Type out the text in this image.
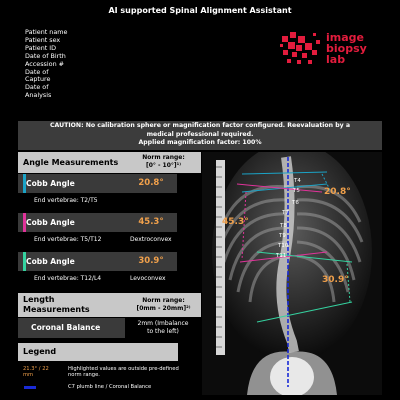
AI supported Spinal Alignment Assistant
Patient name
Patient sex
Patient ID
Date of Birth
Accession #
Date of
Capture
Date of
Analysis
image
biopsy
lab
CAUTION: No calibration sphere or magnification factor configured. Reevaluation by a
medical professional required.
Applied magnification factor: 100%
Angle Measurements
Norm range:
[0° - 10°]¹⁾
Cobb Angle	20.8°
End vertebrae: T2/T5
Cobb Angle	45.3°
End vertebrae: T5/T12	Dextroconvex
Cobb Angle	30.9°
End vertebrae: T12/L4	Levoconvex
Length
Measurements
Norm range:
[0mm - 20mm]²⁾
Coronal Balance	2mm (Imbalance
to the left)
Legend
21.3° / 22
mm
Highlighted values are outside pre-defined
norm range.
C7 plumb line / Coronal Balance
20.8°
45.3°
30.9°
T4
T5
T6
T7
T8
T9
T10
T11
